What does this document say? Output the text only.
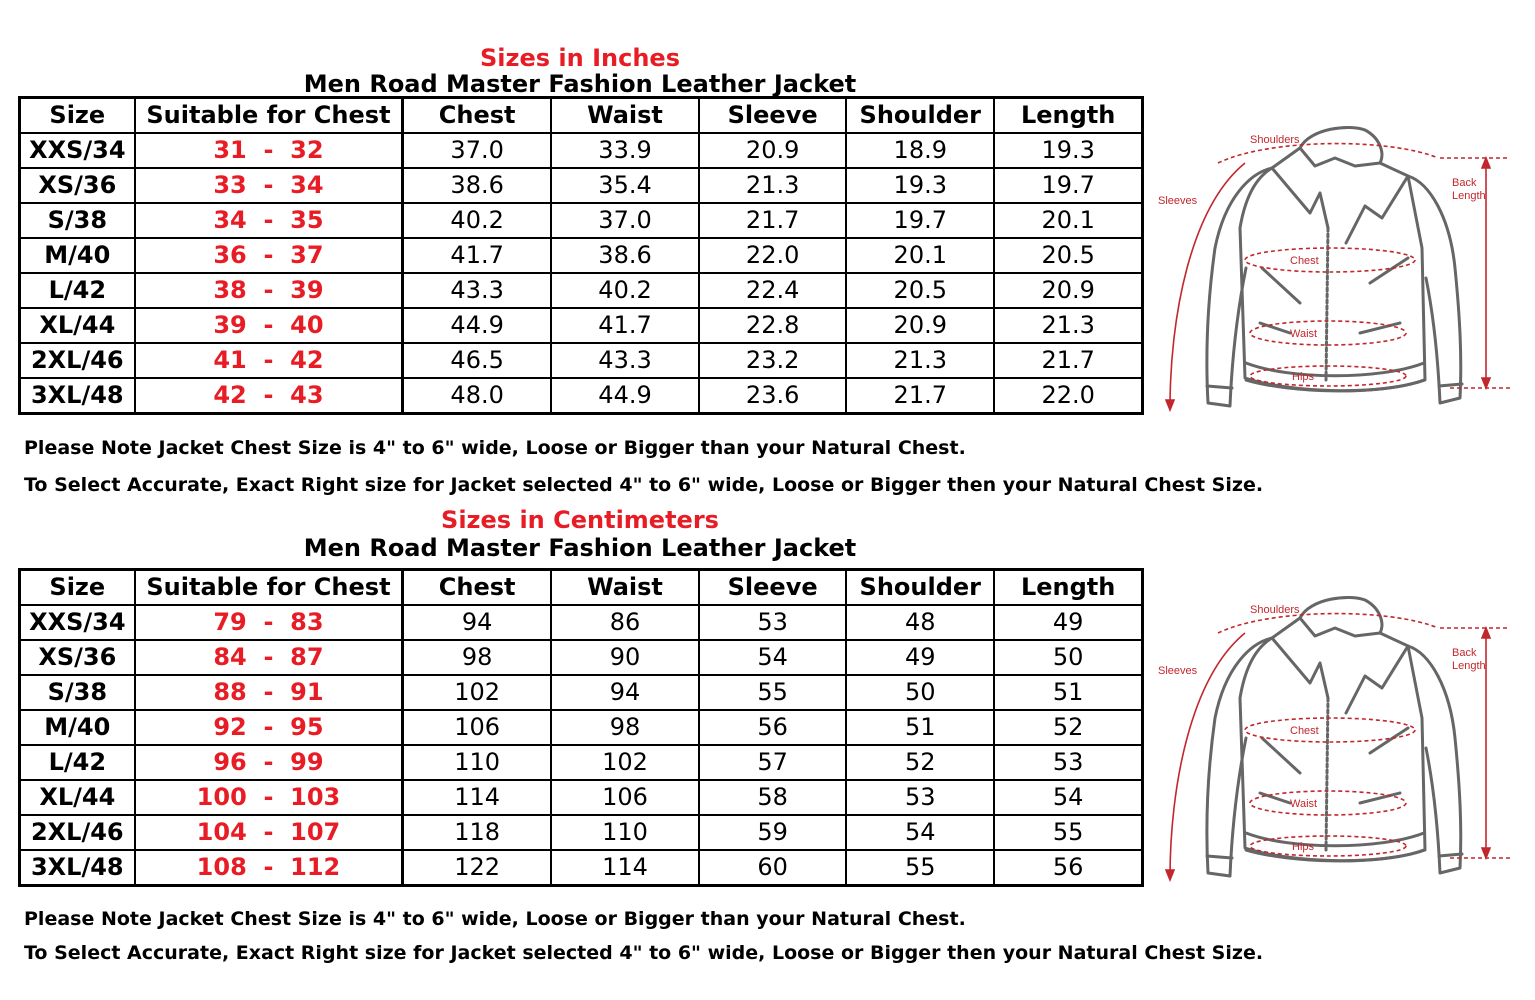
Sizes in Inches
Men Road Master Fashion Leather Jacket
Size	Suitable for Chest	Chest	Waist	Sleeve	Shoulder	Length
XXS/34	31  -  32	37.0	33.9	20.9	18.9	19.3
XS/36	33  -  34	38.6	35.4	21.3	19.3	19.7
S/38	34  -  35	40.2	37.0	21.7	19.7	20.1
M/40	36  -  37	41.7	38.6	22.0	20.1	20.5
L/42	38  -  39	43.3	40.2	22.4	20.5	20.9
XL/44	39  -  40	44.9	41.7	22.8	20.9	21.3
2XL/46	41  -  42	46.5	43.3	23.2	21.3	21.7
3XL/48	42  -  43	48.0	44.9	23.6	21.7	22.0
Please Note Jacket Chest Size is 4" to 6" wide, Loose or Bigger than your Natural Chest.
To Select Accurate, Exact Right size for Jacket selected 4" to 6" wide, Loose or Bigger then your Natural Chest Size.
Shoulders
Sleeves
Back
Length
Chest
Waist
Hips
Sizes in Centimeters
Men Road Master Fashion Leather Jacket
Size	Suitable for Chest	Chest	Waist	Sleeve	Shoulder	Length
XXS/34	79  -  83	94	86	53	48	49
XS/36	84  -  87	98	90	54	49	50
S/38	88  -  91	102	94	55	50	51
M/40	92  -  95	106	98	56	51	52
L/42	96  -  99	110	102	57	52	53
XL/44	100  -  103	114	106	58	53	54
2XL/46	104  -  107	118	110	59	54	55
3XL/48	108  -  112	122	114	60	55	56
Please Note Jacket Chest Size is 4" to 6" wide, Loose or Bigger than your Natural Chest.
To Select Accurate, Exact Right size for Jacket selected 4" to 6" wide, Loose or Bigger then your Natural Chest Size.
Shoulders
Sleeves
Back
Length
Chest
Waist
Hips
